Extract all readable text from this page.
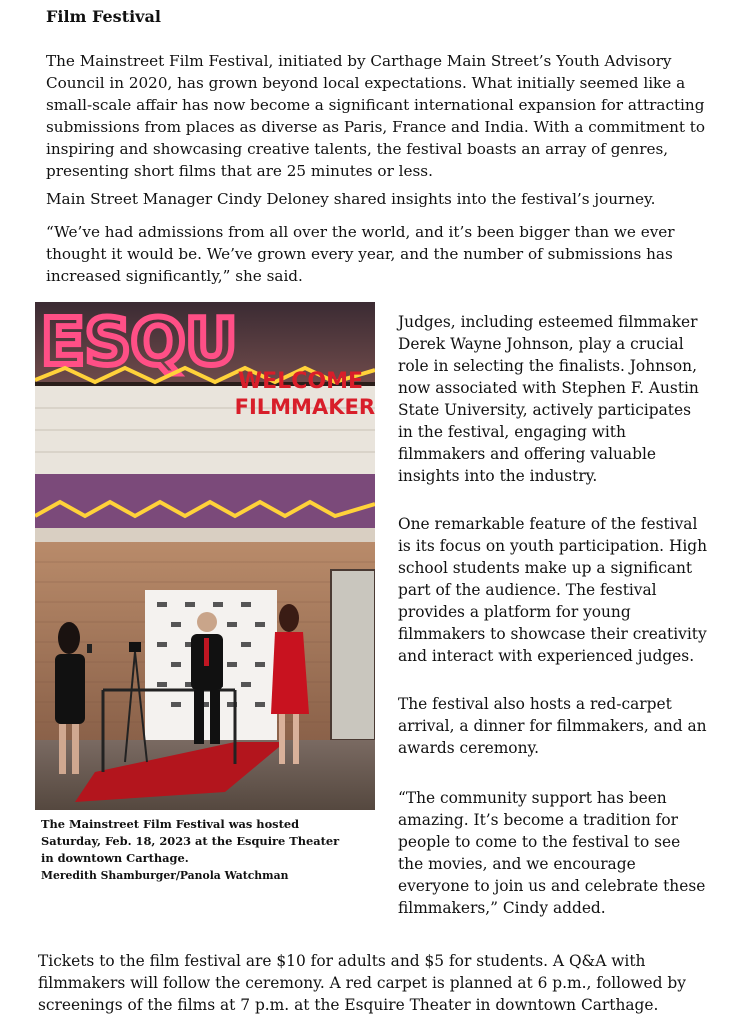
Film Festival

The Mainstreet Film Festival, initiated by Carthage Main Street’s Youth Advisory Council in 2020, has grown beyond local expectations. What initially seemed like a small-scale affair has now become a significant international expansion for attracting submissions from places as diverse as Paris, France and India. With a commitment to inspiring and showcasing creative talents, the festival boasts an array of genres, presenting short films that are 25 minutes or less.

Main Street Manager Cindy Deloney shared insights into the festival’s journey.

“We’ve had admissions from all over the world, and it’s been bigger than we ever thought it would be. We’ve grown every year, and the number of submissions has increased significantly,” she said.

ESQU
WELCOME
FILMMAKER
The Mainstreet Film Festival was hosted Saturday, Feb. 18, 2023 at the Esquire Theater in downtown Carthage.
Meredith Shamburger/Panola Watchman

Judges, including esteemed filmmaker Derek Wayne Johnson, play a crucial role in selecting the finalists. Johnson, now associated with Stephen F. Austin State University, actively participates in the festival, engaging with filmmakers and offering valuable insights into the industry.

One remarkable feature of the festival is its focus on youth participation. High school students make up a significant part of the audience. The festival provides a platform for young filmmakers to showcase their creativity and interact with experienced judges.

The festival also hosts a red-carpet arrival, a dinner for filmmakers, and an awards ceremony.

“The community support has been amazing. It’s become a tradition for people to come to the festival to see the movies, and we encourage everyone to join us and celebrate these filmmakers,” Cindy added.

Tickets to the film festival are $10 for adults and $5 for students. A Q&A with filmmakers will follow the ceremony. A red carpet is planned at 6 p.m., followed by screenings of the films at 7 p.m. at the Esquire Theater in downtown Carthage.
